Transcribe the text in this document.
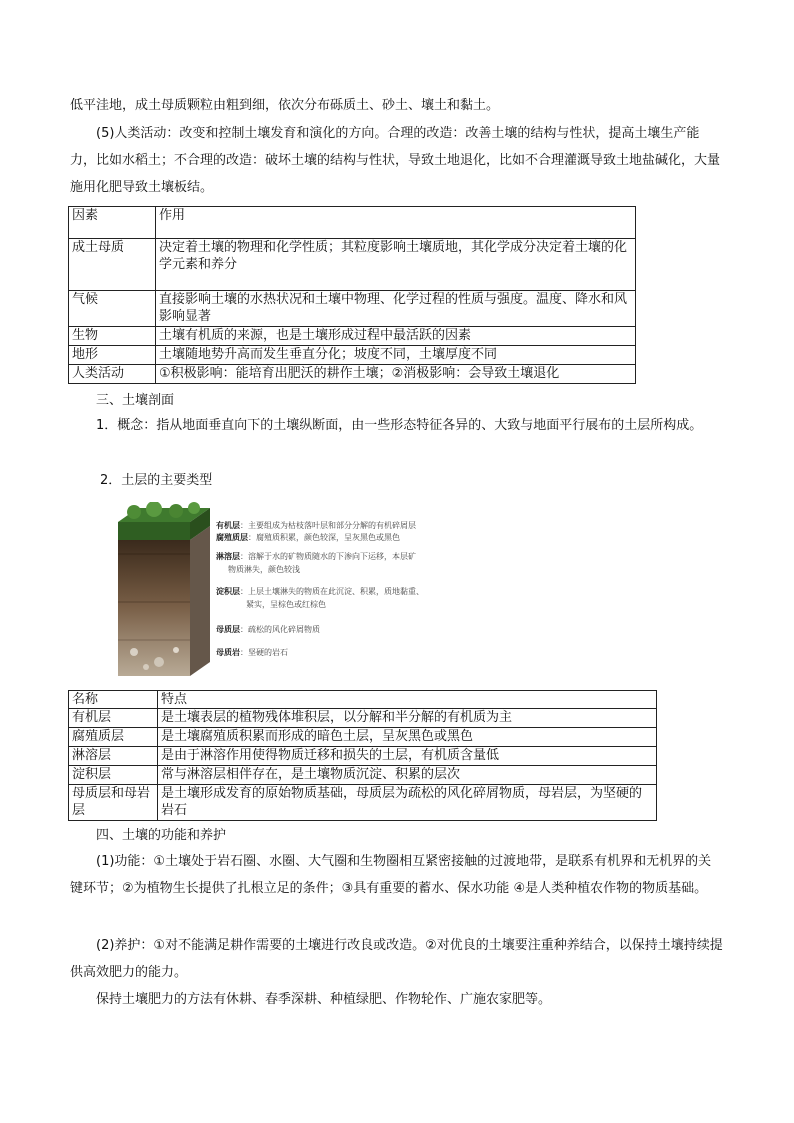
低平洼地，成土母质颗粒由粗到细，依次分布砾质土、砂土、壤土和黏土。

(5)人类活动：改变和控制土壤发育和演化的方向。合理的改造：改善土壤的结构与性状，提高土壤生产能力，比如水稻土；不合理的改造：破坏土壤的结构与性状，导致土地退化，比如不合理灌溉导致土地盐碱化，大量施用化肥导致土壤板结。

因素	作用
成土母质	决定着土壤的物理和化学性质；其粒度影响土壤质地，其化学成分决定着土壤的化学元素和养分
气候	直接影响土壤的水热状况和土壤中物理、化学过程的性质与强度。温度、降水和风影响显著
生物	土壤有机质的来源，也是土壤形成过程中最活跃的因素
地形	土壤随地势升高而发生垂直分化；坡度不同，土壤厚度不同
人类活动	①积极影响：能培育出肥沃的耕作土壤；②消极影响：会导致土壤退化
三、土壤剖面

1．概念：指从地面垂直向下的土壤纵断面，由一些形态特征各异的、大致与地面平行展布的土层所构成。

2．土层的主要类型
有机层：主要组成为枯枝落叶层和部分分解的有机碎屑层
腐殖质层：腐殖质积累，颜色较深，呈灰黑色或黑色
淋溶层：溶解于水的矿物质随水的下渗向下运移，本层矿
物质淋失，颜色较浅
淀积层：上层土壤淋失的物质在此沉淀、积累，质地黏重、
紧实，呈棕色或红棕色
母质层：疏松的风化碎屑物质
母质岩：坚硬的岩石
名称	特点
有机层	是土壤表层的植物残体堆积层，以分解和半分解的有机质为主
腐殖质层	是土壤腐殖质积累而形成的暗色土层，呈灰黑色或黑色
淋溶层	是由于淋溶作用使得物质迁移和损失的土层，有机质含量低
淀积层	常与淋溶层相伴存在，是土壤物质沉淀、积累的层次
母质层和母岩层	是土壤形成发育的原始物质基础，母质层为疏松的风化碎屑物质，母岩层，为坚硬的岩石
四、土壤的功能和养护

(1)功能：①土壤处于岩石圈、水圈、大气圈和生物圈相互紧密接触的过渡地带，是联系有机界和无机界的关键环节；②为植物生长提供了扎根立足的条件；③具有重要的蓄水、保水功能 ④是人类种植农作物的物质基础。

(2)养护：①对不能满足耕作需要的土壤进行改良或改造。②对优良的土壤要注重种养结合，以保持土壤持续提供高效肥力的能力。

保持土壤肥力的方法有休耕、春季深耕、种植绿肥、作物轮作、广施农家肥等。
